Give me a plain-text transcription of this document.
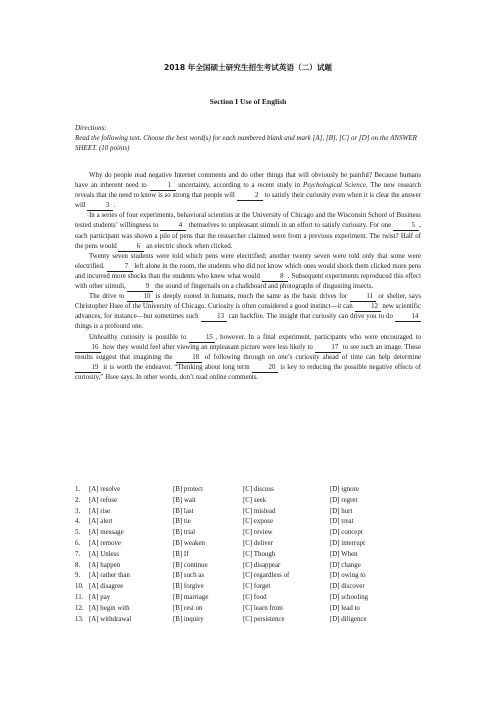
2018 年全国硕士研究生招生考试英语（二）试题
Section I Use of English
Directions:
Read the following text. Choose the best word(s) for each numbered blank and mark [A], [B], [C] or [D] on the ANSWER SHEET. (10 points)

Why do people read negative Internet comments and do other things that will obviously be painful? Because humans have an inherent need to	1 uncertainty, according to a recent study in Psychological Science. The new research reveals that the need to know is so strong that people will	2 to satisfy their curiosity even when it is clear the answer will	3 .

In a series of four experiments, behavioral scientists at the University of Chicago and the Wisconsin School of Business tested students’ willingness to	4 themselves to unpleasant stimuli in an effort to satisfy curiosity. For one	5 , each participant was shown a pile of pens that the researcher claimed were from a previous experiment. The twist? Half of the pens would	6 an electric shock when clicked.

Twenty seven students were told which pens were electrified; another twenty seven were told only that some were electrified.	7 left alone in the room, the students who did not know which ones would shock them clicked more pens and incurred more shocks than the students who knew what would	8 . Subsequent experiments reproduced this effect with other stimuli,	9 the sound of fingernails on a chalkboard and photographs of disgusting insects.

The drive to 10 is deeply rooted in humans, much the same as the basic drives for 11 or shelter, says Christopher Hsee of the University of Chicago. Curiosity is often considered a good instinct—it can 12 new scientific advances, for instance—but sometimes such 13 can backfire. The insight that curiosity can drive you to do 14 things is a profound one.

Unhealthy curiosity is possible to 15 , however. In a final experiment, participants who were encouraged to 16 how they would feel after viewing an unpleasant picture were less likely to 17 to see such an image. These results suggest that imagining the 18 of following through on one’s curiosity ahead of time can help determine 19 it is worth the endeavor. “Thinking about long term 20 is key to reducing the possible negative effects of curiosity,” Hsee says. In other words, don’t read online comments.

1. [A] resolve	[B] protect	[C] discuss	[D] ignore
2. [A] refuse	[B] wait	[C] seek	[D] regret
3. [A] rise	[B] last	[C] mislead	[D] hurt
4. [A] alert	[B] tie	[C] expose	[D] treat
5. [A] message	[B] trial	[C] review	[D] concept
6. [A] remove	[B] weaken	[C] deliver	[D] interrupt
7. [A] Unless	[B] If	[C] Though	[D] When
8. [A] happen	[B] continue	[C] disappear	[D] change
9. [A] rather than	[B] such as	[C] regardless of	[D] owing to
10. [A] disagree	[B] forgive	[C] forget	[D] discover
11. [A] pay	[B] marriage	[C] food	[D] schooling
12. [A] begin with	[B] rest on	[C] learn from	[D] lead to
13. [A] withdrawal	[B] inquiry	[C] persistence	[D] diligence
